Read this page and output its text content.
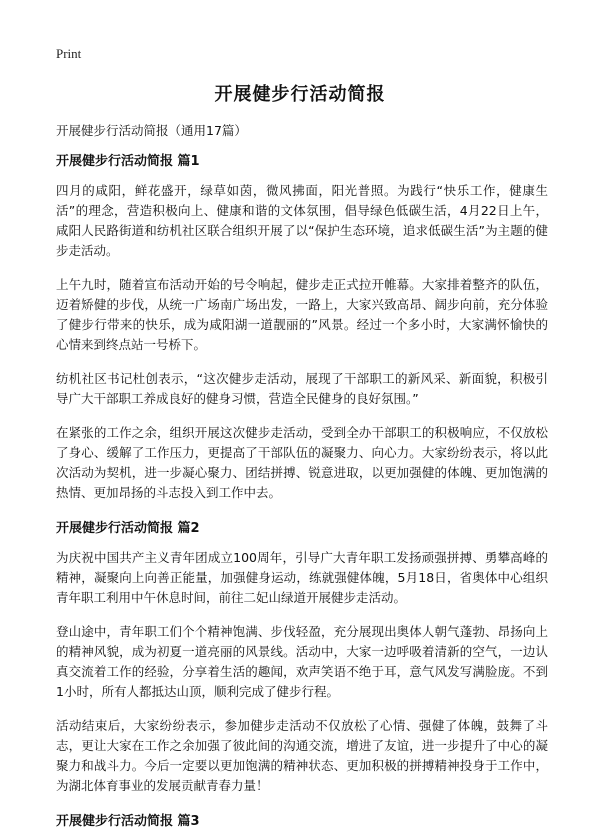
Print
开展健步行活动简报
开展健步行活动简报（通用17篇）
开展健步行活动简报 篇1

四月的咸阳，鲜花盛开，绿草如茵，微风拂面，阳光普照。为践行“快乐工作，健康生活”的理念，营造积极向上、健康和谐的文体氛围，倡导绿色低碳生活，4月22日上午，咸阳人民路街道和纺机社区联合组织开展了以“保护生态环境，追求低碳生活”为主题的健步走活动。

上午九时，随着宣布活动开始的号令响起，健步走正式拉开帷幕。大家排着整齐的队伍，迈着矫健的步伐，从统一广场南广场出发，一路上，大家兴致高昂、阔步向前，充分体验了健步行带来的快乐，成为咸阳湖一道靓丽的”风景。经过一个多小时，大家满怀愉快的心情来到终点站一号桥下。

纺机社区书记杜创表示，“这次健步走活动，展现了干部职工的新风采、新面貌，积极引导广大干部职工养成良好的健身习惯，营造全民健身的良好氛围。”

在紧张的工作之余，组织开展这次健步走活动，受到全办干部职工的积极响应，不仅放松了身心、缓解了工作压力，更提高了干部队伍的凝聚力、向心力。大家纷纷表示，将以此次活动为契机，进一步凝心聚力、团结拼搏、锐意进取，以更加强健的体魄、更加饱满的热情、更加昂扬的斗志投入到工作中去。

开展健步行活动简报 篇2

为庆祝中国共产主义青年团成立100周年，引导广大青年职工发扬顽强拼搏、勇攀高峰的精神，凝聚向上向善正能量，加强健身运动，练就强健体魄，5月18日，省奥体中心组织青年职工利用中午休息时间，前往二妃山绿道开展健步走活动。

登山途中，青年职工们个个精神饱满、步伐轻盈，充分展现出奥体人朝气蓬勃、昂扬向上的精神风貌，成为初夏一道亮丽的风景线。活动中，大家一边呼吸着清新的空气，一边认真交流着工作的经验，分享着生活的趣闻，欢声笑语不绝于耳，意气风发写满脸庞。不到1小时，所有人都抵达山顶，顺利完成了健步行程。

活动结束后，大家纷纷表示，参加健步走活动不仅放松了心情、强健了体魄，鼓舞了斗志，更让大家在工作之余加强了彼此间的沟通交流，增进了友谊，进一步提升了中心的凝聚力和战斗力。今后一定要以更加饱满的精神状态、更加积极的拼搏精神投身于工作中，为湖北体育事业的发展贡献青春力量！

开展健步行活动简报 篇3
